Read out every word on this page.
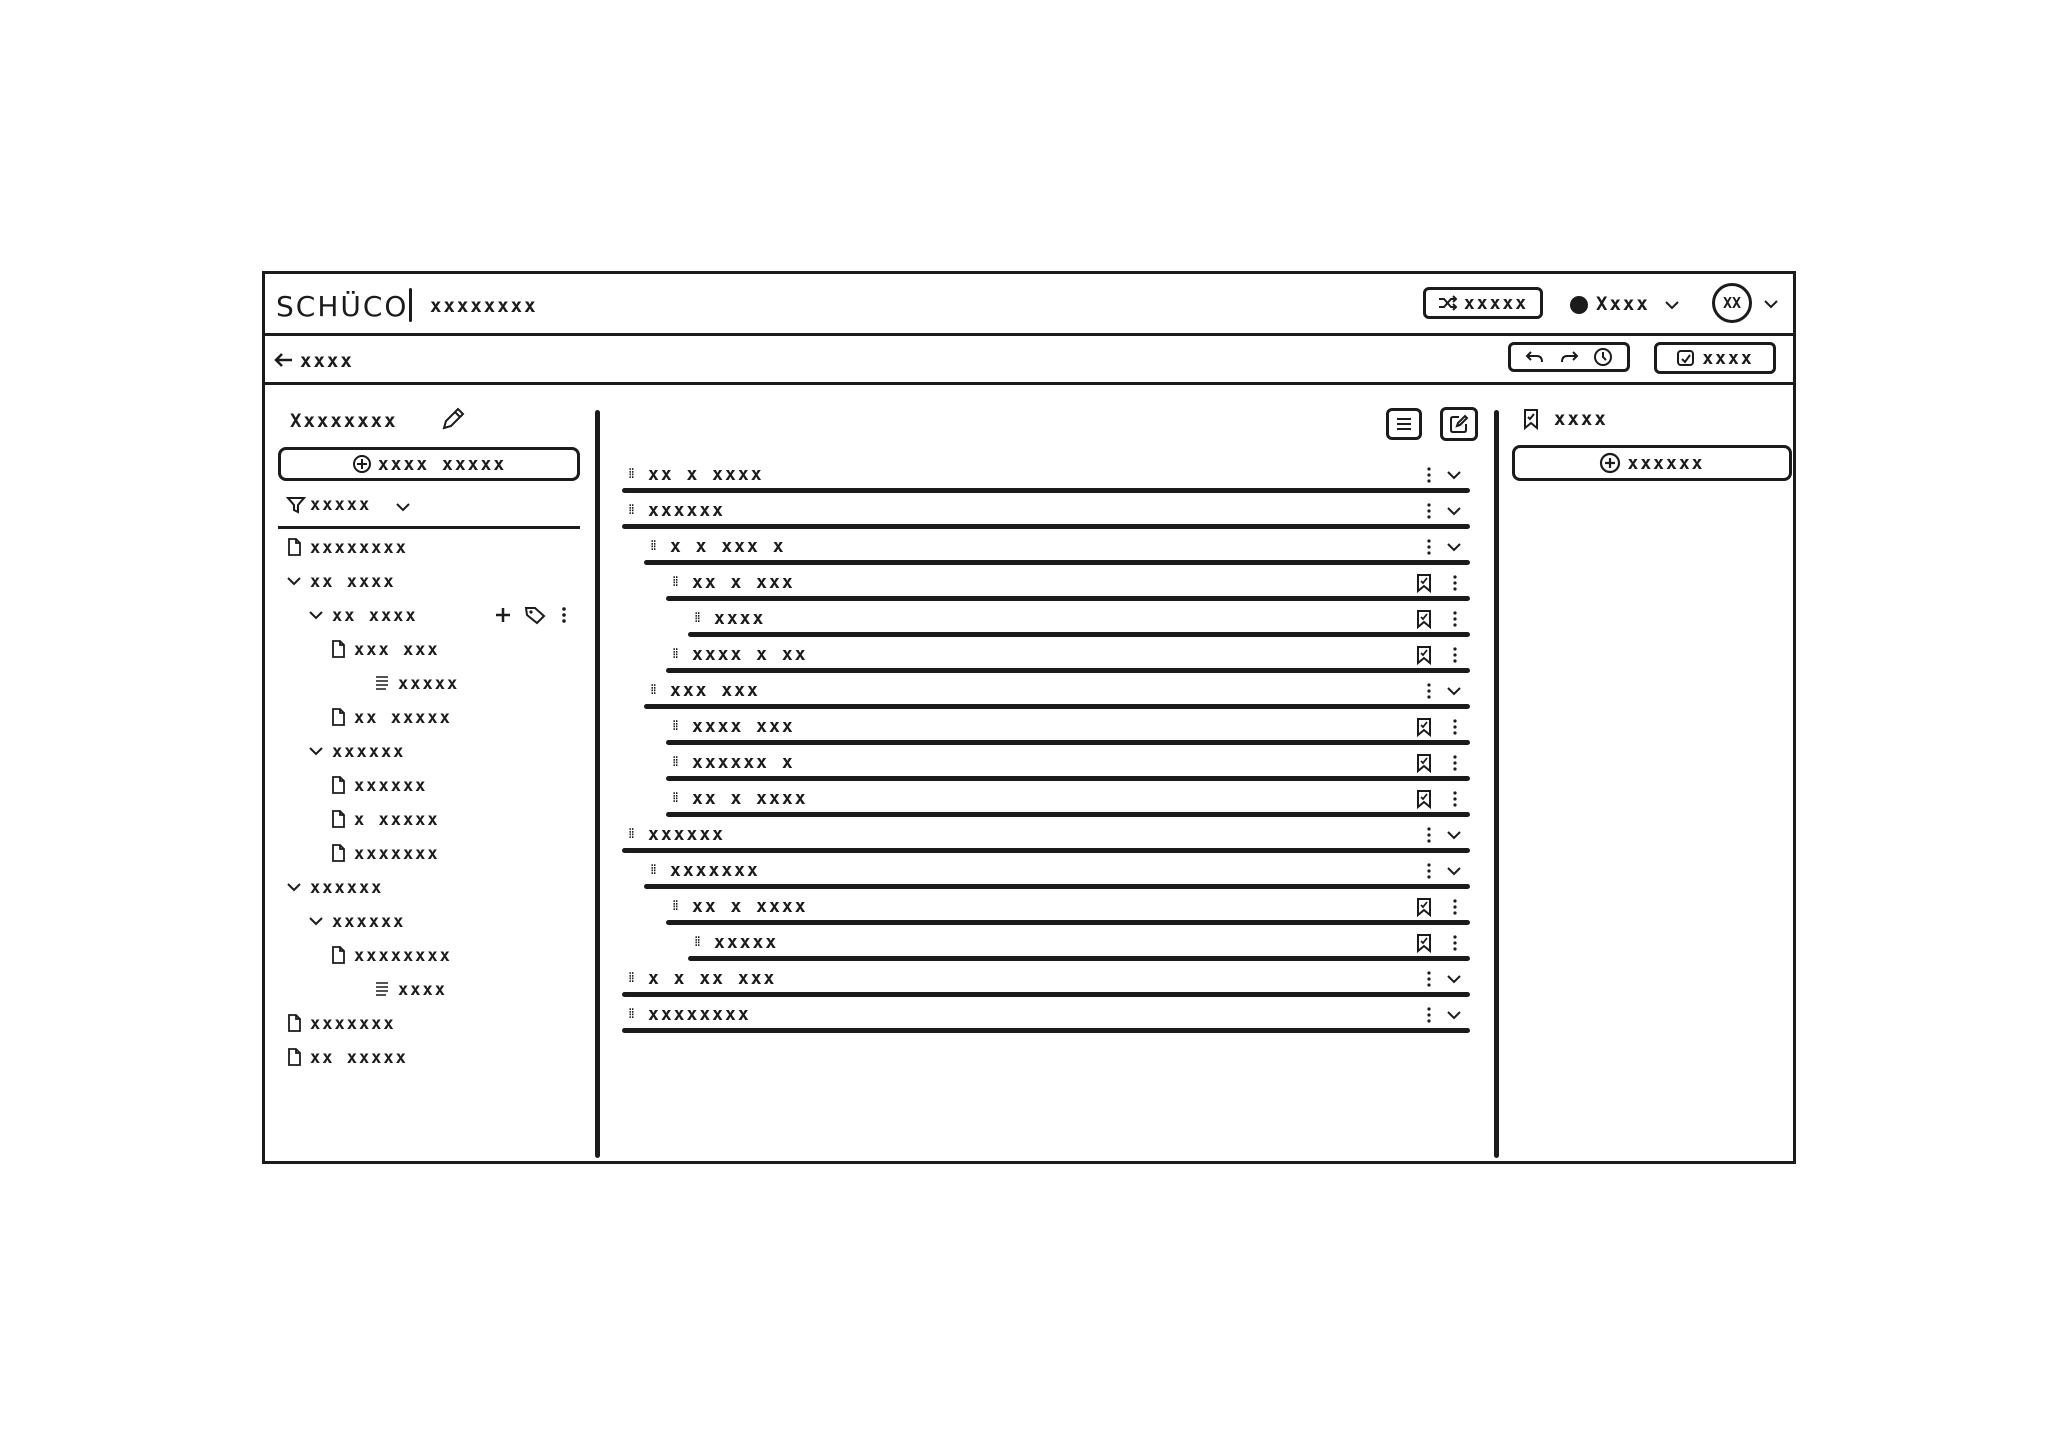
SCHÜCO xxxxxxxx	xxxxx	Xxxx	XX
xxxx	xxxx
Xxxxxxxx
xxxx xxxxx
xxxxx
xxxxxxxx
xx xxxx
xx xxxx
xxx xxx
xxxxx
xx xxxxx
xxxxxx
xxxxxx
x xxxxx
xxxxxxx
xxxxxx
xxxxxx
xxxxxxxx
xxxx
xxxxxxx
xx xxxxx
⁞⁞ xx x xxxx
⁞⁞ xxxxxx
⁞⁞ x x xxx x
⁞⁞ xx x xxx
⁞⁞ xxxx
⁞⁞ xxxx x xx
⁞⁞ xxx xxx
⁞⁞ xxxx xxx
⁞⁞ xxxxxx x
⁞⁞ xx x xxxx
⁞⁞ xxxxxx
⁞⁞ xxxxxxx
⁞⁞ xx x xxxx
⁞⁞ xxxxx
⁞⁞ x x xx xxx
⁞⁞ xxxxxxxx
xxxx
xxxxxx
